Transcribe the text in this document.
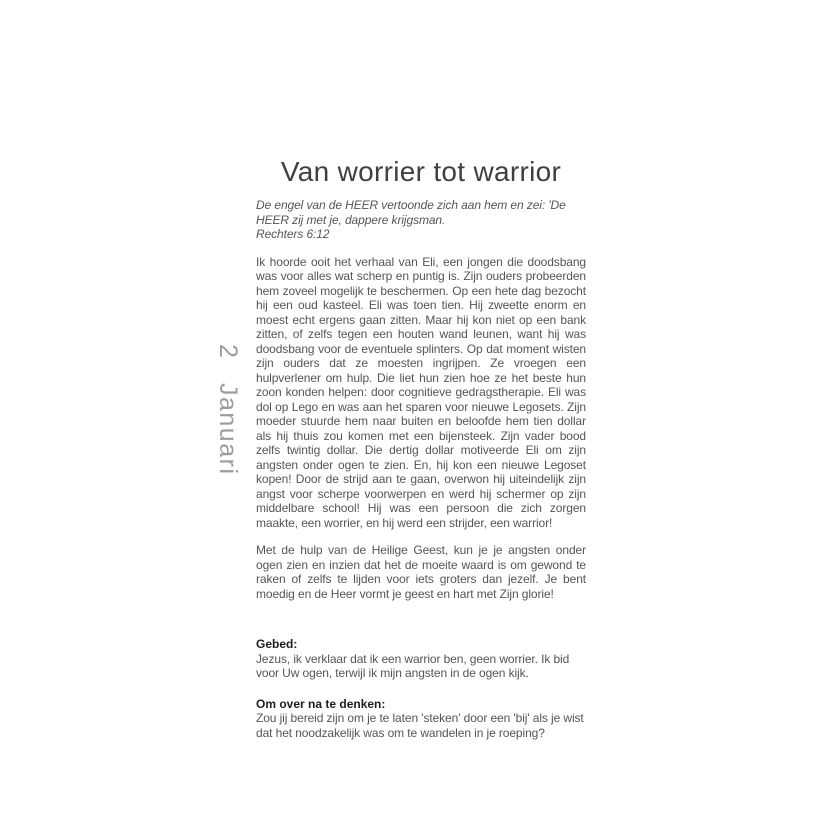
2Januari
Van worrier tot warrior

De engel van de HEER vertoonde zich aan hem en zei: 'De HEER zij met je, dappere krijgsman.

Rechters 6:12

Ik hoorde ooit het verhaal van Eli, een jongen die doodsbang was voor alles wat scherp en puntig is. Zijn ouders probeerden hem zoveel mogelijk te beschermen. Op een hete dag bezocht hij een oud kasteel. Eli was toen tien. Hij zweette enorm en moest echt ergens gaan zitten. Maar hij kon niet op een bank zitten, of zelfs tegen een houten wand leunen, want hij was doodsbang voor de eventuele splinters. Op dat moment wisten zijn ouders dat ze moesten ingrijpen. Ze vroegen een hulpverlener om hulp. Die liet hun zien hoe ze het beste hun zoon konden helpen: door cognitieve gedragstherapie. Eli was dol op Lego en was aan het sparen voor nieuwe Legosets. Zijn moeder stuurde hem naar buiten en beloofde hem tien dollar als hij thuis zou komen met een bijensteek. Zijn vader bood zelfs twintig dollar. Die dertig dollar motiveerde Eli om zijn angsten onder ogen te zien. En, hij kon een nieuwe Legoset kopen! Door de strijd aan te gaan, overwon hij uiteindelijk zijn angst voor scherpe voorwerpen en werd hij schermer op zijn middelbare school! Hij was een persoon die zich zorgen maakte, een worrier, en hij werd een strijder, een warrior!

Met de hulp van de Heilige Geest, kun je je angsten onder ogen zien en inzien dat het de moeite waard is om gewond te raken of zelfs te lijden voor iets groters dan jezelf. Je bent moedig en de Heer vormt je geest en hart met Zijn glorie!

Gebed:

Jezus, ik verklaar dat ik een warrior ben, geen worrier. Ik bid voor Uw ogen, terwijl ik mijn angsten in de ogen kijk.

Om over na te denken:

Zou jij bereid zijn om je te laten 'steken' door een 'bij' als je wist dat het noodzakelijk was om te wandelen in je roeping?
